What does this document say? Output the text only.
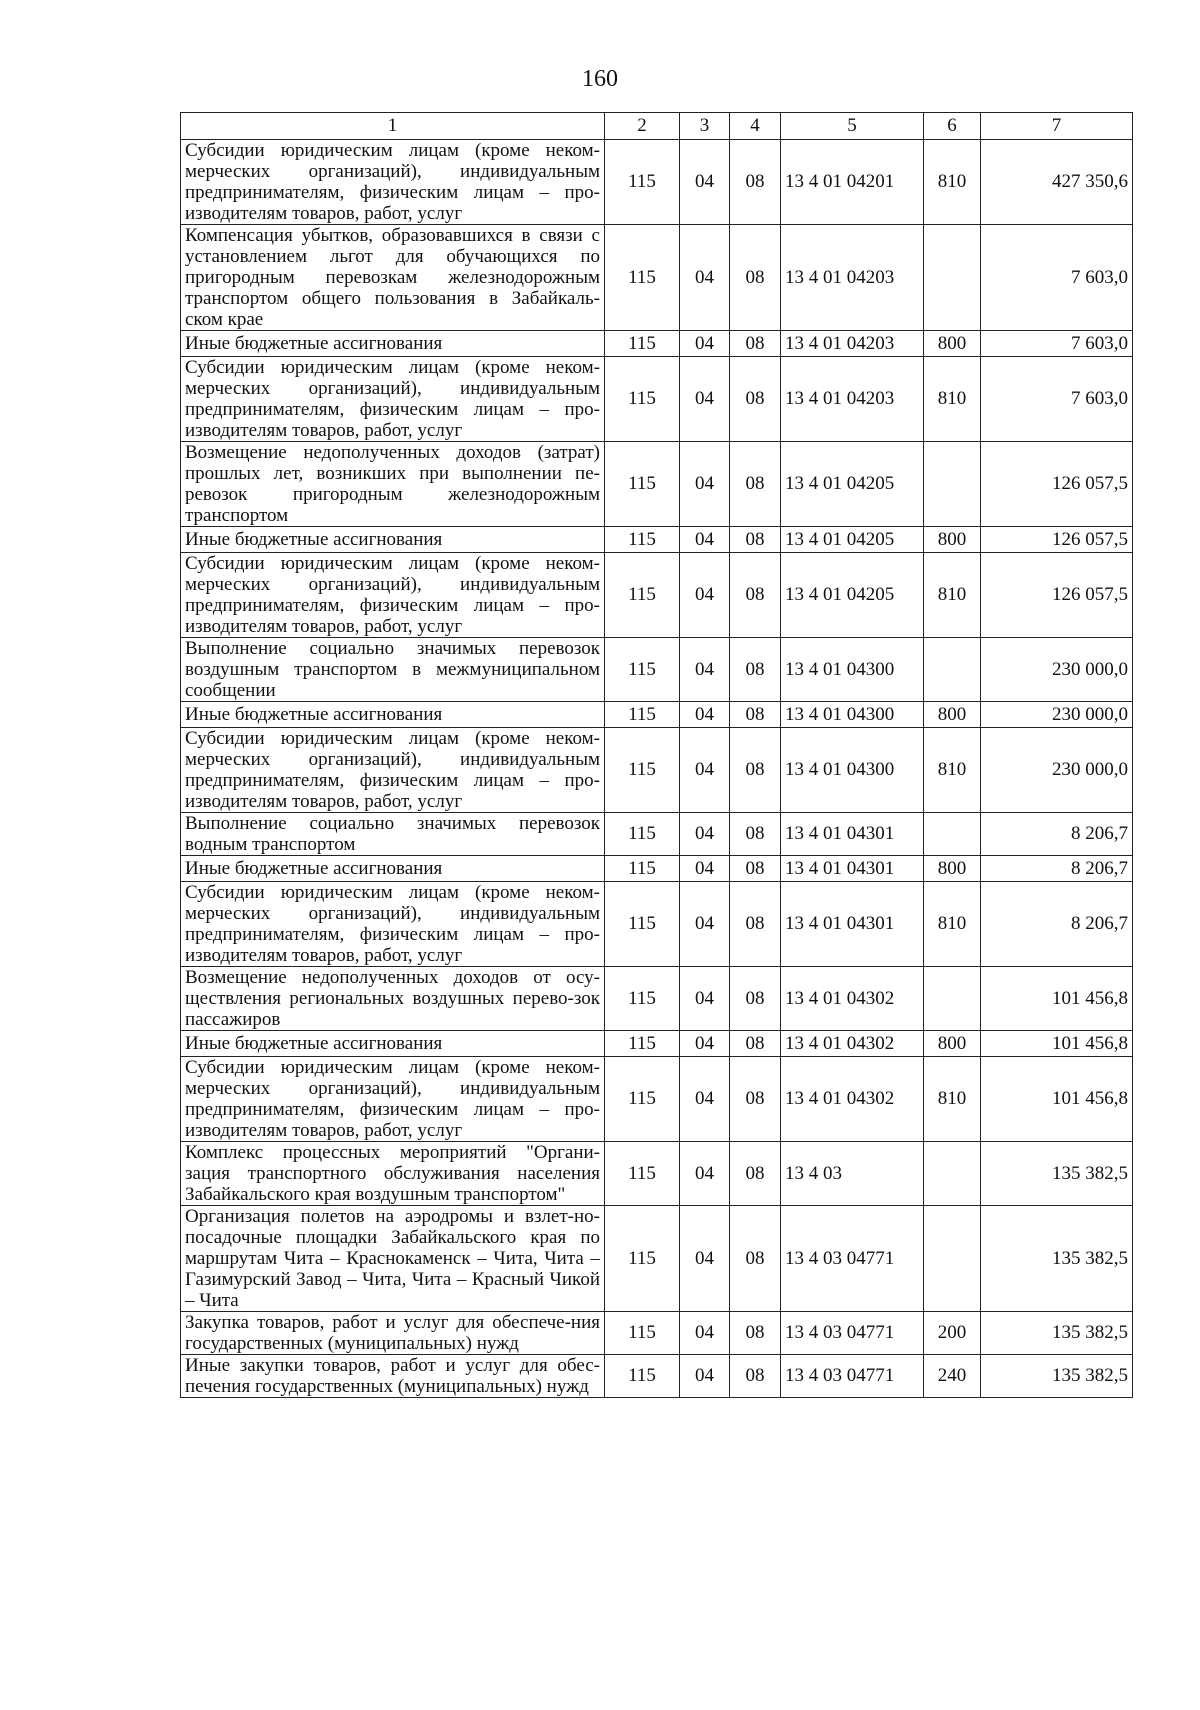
160
1	2	3	4	5	6	7
Субсидии юридическим лицам (кроме неком-мерческих организаций), индивидуальным предпринимателям, физическим лицам – про-изводителям товаров, работ, услуг	115	04	08	13 4 01 04201	810	427 350,6
Компенсация убытков, образовавшихся в связи с установлением льгот для обучающихся по пригородным перевозкам железнодорожным транспортом общего пользования в Забайкаль-ском крае	115	04	08	13 4 01 04203		7 603,0
Иные бюджетные ассигнования	115	04	08	13 4 01 04203	800	7 603,0
Субсидии юридическим лицам (кроме неком-мерческих организаций), индивидуальным предпринимателям, физическим лицам – про-изводителям товаров, работ, услуг	115	04	08	13 4 01 04203	810	7 603,0
Возмещение недополученных доходов (затрат) прошлых лет, возникших при выполнении пе-ревозок пригородным железнодорожным транспортом	115	04	08	13 4 01 04205		126 057,5
Иные бюджетные ассигнования	115	04	08	13 4 01 04205	800	126 057,5
Субсидии юридическим лицам (кроме неком-мерческих организаций), индивидуальным предпринимателям, физическим лицам – про-изводителям товаров, работ, услуг	115	04	08	13 4 01 04205	810	126 057,5
Выполнение социально значимых перевозок воздушным транспортом в межмуниципальном сообщении	115	04	08	13 4 01 04300		230 000,0
Иные бюджетные ассигнования	115	04	08	13 4 01 04300	800	230 000,0
Субсидии юридическим лицам (кроме неком-мерческих организаций), индивидуальным предпринимателям, физическим лицам – про-изводителям товаров, работ, услуг	115	04	08	13 4 01 04300	810	230 000,0
Выполнение социально значимых перевозок водным транспортом	115	04	08	13 4 01 04301		8 206,7
Иные бюджетные ассигнования	115	04	08	13 4 01 04301	800	8 206,7
Субсидии юридическим лицам (кроме неком-мерческих организаций), индивидуальным предпринимателям, физическим лицам – про-изводителям товаров, работ, услуг	115	04	08	13 4 01 04301	810	8 206,7
Возмещение недополученных доходов от осу-ществления региональных воздушных перево-зок пассажиров	115	04	08	13 4 01 04302		101 456,8
Иные бюджетные ассигнования	115	04	08	13 4 01 04302	800	101 456,8
Субсидии юридическим лицам (кроме неком-мерческих организаций), индивидуальным предпринимателям, физическим лицам – про-изводителям товаров, работ, услуг	115	04	08	13 4 01 04302	810	101 456,8
Комплекс процессных мероприятий "Органи-зация транспортного обслуживания населения Забайкальского края воздушным транспортом"	115	04	08	13 4 03		135 382,5
Организация полетов на аэродромы и взлет-но-посадочные площадки Забайкальского края по маршрутам Чита – Краснокаменск – Чита, Чита – Газимурский Завод – Чита, Чита – Красный Чикой – Чита	115	04	08	13 4 03 04771		135 382,5
Закупка товаров, работ и услуг для обеспече-ния государственных (муниципальных) нужд	115	04	08	13 4 03 04771	200	135 382,5
Иные закупки товаров, работ и услуг для обес-печения государственных (муниципальных) нужд	115	04	08	13 4 03 04771	240	135 382,5
